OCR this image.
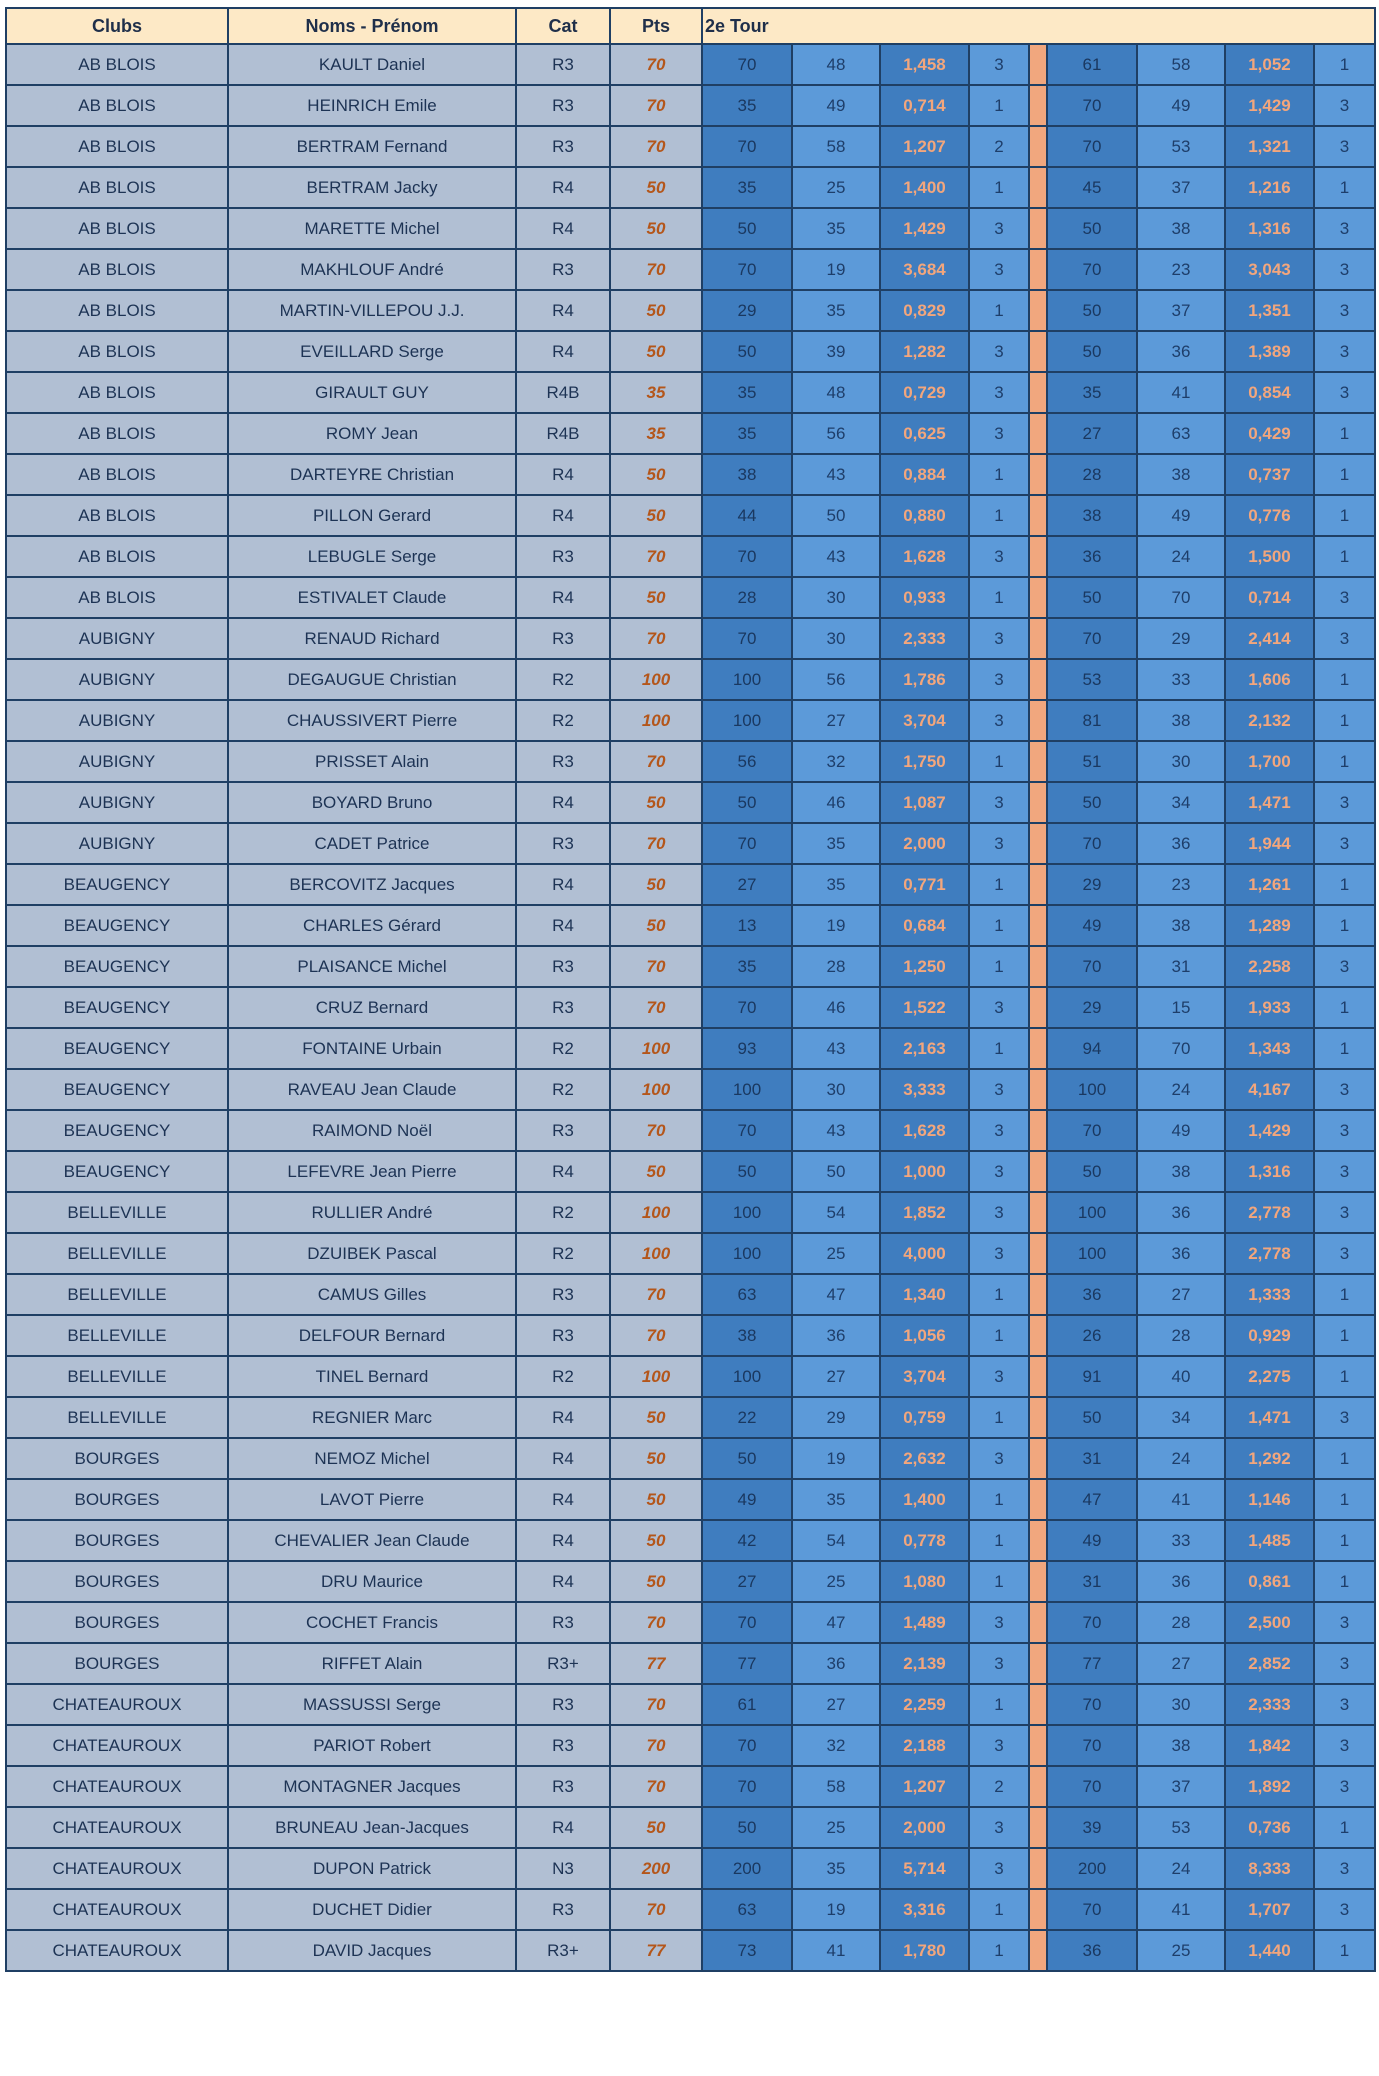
Clubs	Noms - Prénom	Cat	Pts	2e Tour								
AB BLOIS	KAULT Daniel	R3	70	70	48	1,458	3		61	58	1,052	1
AB BLOIS	HEINRICH Emile	R3	70	35	49	0,714	1		70	49	1,429	3
AB BLOIS	BERTRAM Fernand	R3	70	70	58	1,207	2		70	53	1,321	3
AB BLOIS	BERTRAM Jacky	R4	50	35	25	1,400	1		45	37	1,216	1
AB BLOIS	MARETTE Michel	R4	50	50	35	1,429	3		50	38	1,316	3
AB BLOIS	MAKHLOUF André	R3	70	70	19	3,684	3		70	23	3,043	3
AB BLOIS	MARTIN-VILLEPOU J.J.	R4	50	29	35	0,829	1		50	37	1,351	3
AB BLOIS	EVEILLARD Serge	R4	50	50	39	1,282	3		50	36	1,389	3
AB BLOIS	GIRAULT GUY	R4B	35	35	48	0,729	3		35	41	0,854	3
AB BLOIS	ROMY Jean	R4B	35	35	56	0,625	3		27	63	0,429	1
AB BLOIS	DARTEYRE Christian	R4	50	38	43	0,884	1		28	38	0,737	1
AB BLOIS	PILLON Gerard	R4	50	44	50	0,880	1		38	49	0,776	1
AB BLOIS	LEBUGLE Serge	R3	70	70	43	1,628	3		36	24	1,500	1
AB BLOIS	ESTIVALET Claude	R4	50	28	30	0,933	1		50	70	0,714	3
AUBIGNY	RENAUD Richard	R3	70	70	30	2,333	3		70	29	2,414	3
AUBIGNY	DEGAUGUE Christian	R2	100	100	56	1,786	3		53	33	1,606	1
AUBIGNY	CHAUSSIVERT Pierre	R2	100	100	27	3,704	3		81	38	2,132	1
AUBIGNY	PRISSET Alain	R3	70	56	32	1,750	1		51	30	1,700	1
AUBIGNY	BOYARD Bruno	R4	50	50	46	1,087	3		50	34	1,471	3
AUBIGNY	CADET Patrice	R3	70	70	35	2,000	3		70	36	1,944	3
BEAUGENCY	BERCOVITZ Jacques	R4	50	27	35	0,771	1		29	23	1,261	1
BEAUGENCY	CHARLES Gérard	R4	50	13	19	0,684	1		49	38	1,289	1
BEAUGENCY	PLAISANCE Michel	R3	70	35	28	1,250	1		70	31	2,258	3
BEAUGENCY	CRUZ Bernard	R3	70	70	46	1,522	3		29	15	1,933	1
BEAUGENCY	FONTAINE Urbain	R2	100	93	43	2,163	1		94	70	1,343	1
BEAUGENCY	RAVEAU Jean Claude	R2	100	100	30	3,333	3		100	24	4,167	3
BEAUGENCY	RAIMOND Noël	R3	70	70	43	1,628	3		70	49	1,429	3
BEAUGENCY	LEFEVRE Jean Pierre	R4	50	50	50	1,000	3		50	38	1,316	3
BELLEVILLE	RULLIER André	R2	100	100	54	1,852	3		100	36	2,778	3
BELLEVILLE	DZUIBEK Pascal	R2	100	100	25	4,000	3		100	36	2,778	3
BELLEVILLE	CAMUS Gilles	R3	70	63	47	1,340	1		36	27	1,333	1
BELLEVILLE	DELFOUR Bernard	R3	70	38	36	1,056	1		26	28	0,929	1
BELLEVILLE	TINEL Bernard	R2	100	100	27	3,704	3		91	40	2,275	1
BELLEVILLE	REGNIER Marc	R4	50	22	29	0,759	1		50	34	1,471	3
BOURGES	NEMOZ Michel	R4	50	50	19	2,632	3		31	24	1,292	1
BOURGES	LAVOT Pierre	R4	50	49	35	1,400	1		47	41	1,146	1
BOURGES	CHEVALIER Jean Claude	R4	50	42	54	0,778	1		49	33	1,485	1
BOURGES	DRU Maurice	R4	50	27	25	1,080	1		31	36	0,861	1
BOURGES	COCHET Francis	R3	70	70	47	1,489	3		70	28	2,500	3
BOURGES	RIFFET Alain	R3+	77	77	36	2,139	3		77	27	2,852	3
CHATEAUROUX	MASSUSSI Serge	R3	70	61	27	2,259	1		70	30	2,333	3
CHATEAUROUX	PARIOT Robert	R3	70	70	32	2,188	3		70	38	1,842	3
CHATEAUROUX	MONTAGNER Jacques	R3	70	70	58	1,207	2		70	37	1,892	3
CHATEAUROUX	BRUNEAU Jean-Jacques	R4	50	50	25	2,000	3		39	53	0,736	1
CHATEAUROUX	DUPON Patrick	N3	200	200	35	5,714	3		200	24	8,333	3
CHATEAUROUX	DUCHET Didier	R3	70	63	19	3,316	1		70	41	1,707	3
CHATEAUROUX	DAVID Jacques	R3+	77	73	41	1,780	1		36	25	1,440	1
